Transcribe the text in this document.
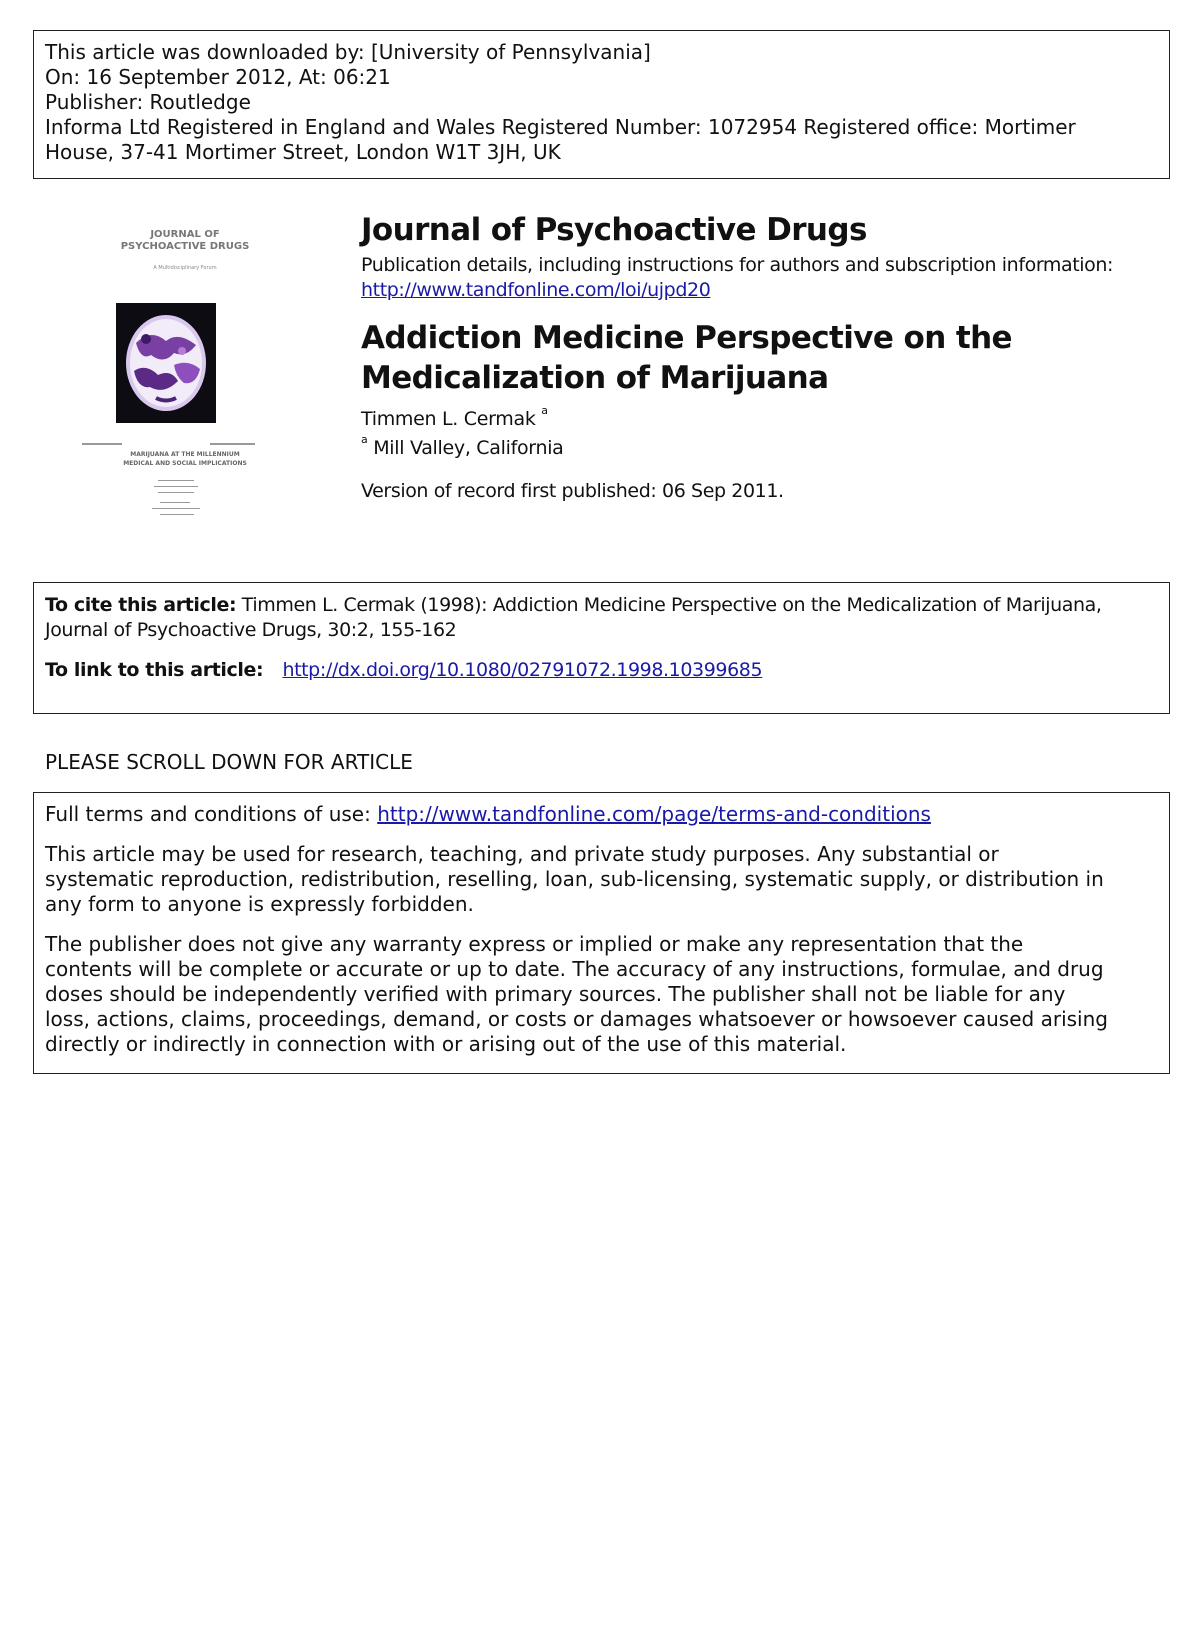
This article was downloaded by: [University of Pennsylvania]
On: 16 September 2012, At: 06:21
Publisher: Routledge
Informa Ltd Registered in England and Wales Registered Number: 1072954 Registered office: Mortimer
House, 37-41 Mortimer Street, London W1T 3JH, UK
JOURNAL OF
PSYCHOACTIVE DRUGS
A Multidisciplinary Forum
MARIJUANA AT THE MILLENNIUM
MEDICAL AND SOCIAL IMPLICATIONS
Journal of Psychoactive Drugs
Publication details, including instructions for authors and subscription information:
http://www.tandfonline.com/loi/ujpd20
Addiction Medicine Perspective on the
Medicalization of Marijuana
Timmen L. Cermak $^a$
$^a$ Mill Valley, California
Version of record first published: 06 Sep 2011.
To cite this article: Timmen L. Cermak (1998): Addiction Medicine Perspective on the Medicalization of Marijuana,
Journal of Psychoactive Drugs, 30:2, 155-162
To link to this article: http://dx.doi.org/10.1080/02791072.1998.10399685
PLEASE SCROLL DOWN FOR ARTICLE

Full terms and conditions of use: http://www.tandfonline.com/page/terms-and-conditions

This article may be used for research, teaching, and private study purposes. Any substantial or
systematic reproduction, redistribution, reselling, loan, sub-licensing, systematic supply, or distribution in
any form to anyone is expressly forbidden.

The publisher does not give any warranty express or implied or make any representation that the
contents will be complete or accurate or up to date. The accuracy of any instructions, formulae, and drug
doses should be independently verified with primary sources. The publisher shall not be liable for any
loss, actions, claims, proceedings, demand, or costs or damages whatsoever or howsoever caused arising
directly or indirectly in connection with or arising out of the use of this material.
